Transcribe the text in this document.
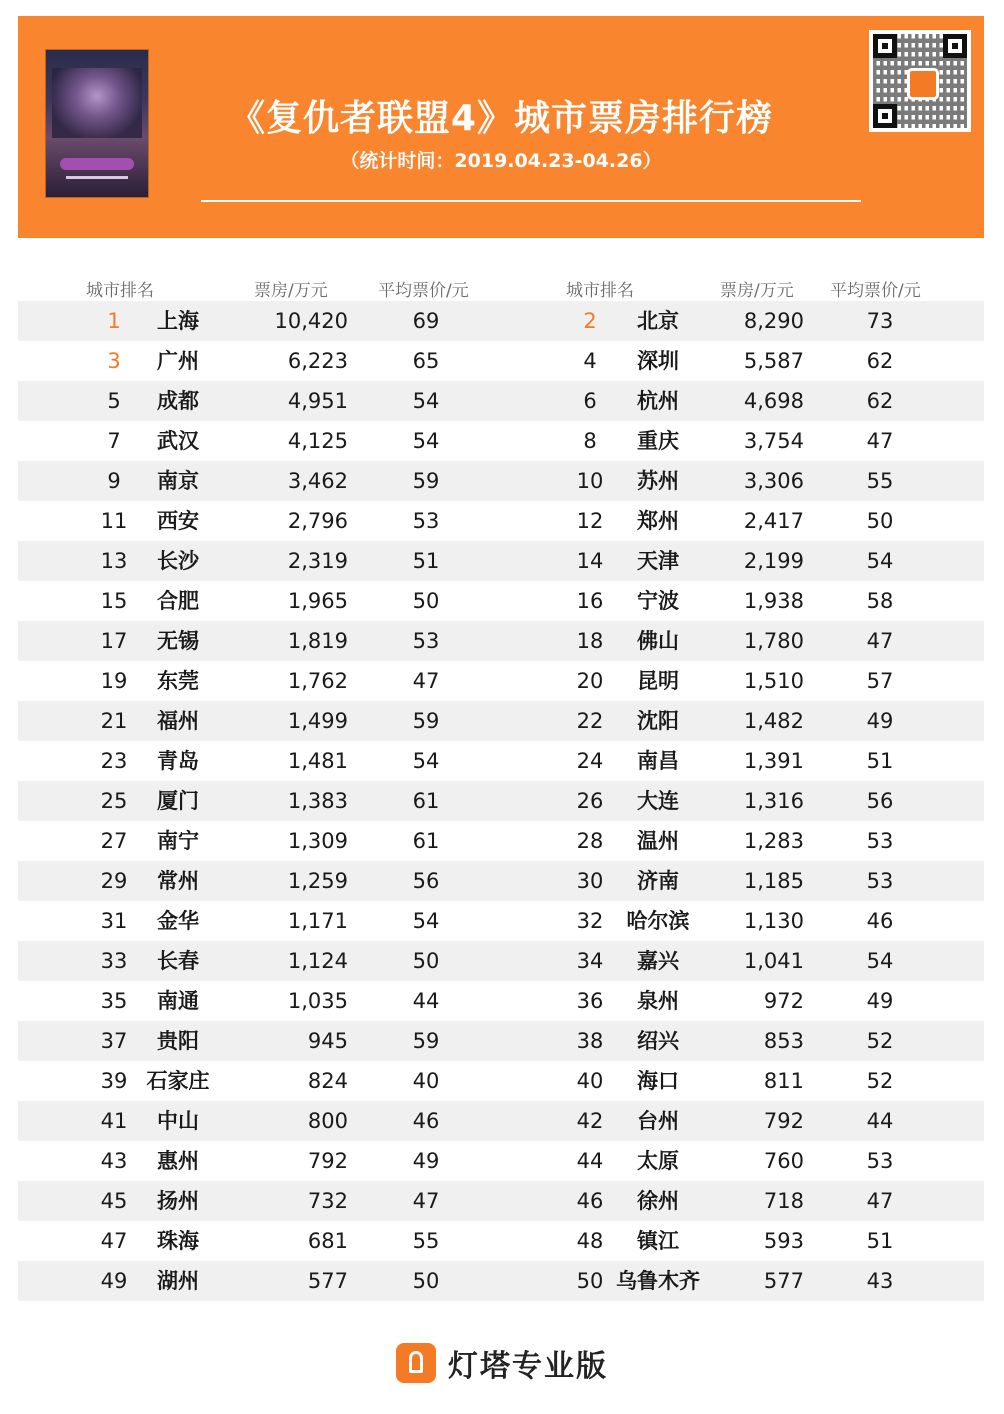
《复仇者联盟4》城市票房排行榜
（统计时间：2019.04.23-04.26）
城市排名	票房/万元	平均票价/元	城市排名	票房/万元 平均票价/元
1	上海	10,420	69	2	北京	8,290	73
3	广州	6,223	65	4	深圳	5,587	62
5	成都	4,951	54	6	杭州	4,698	62
7	武汉	4,125	54	8	重庆	3,754	47
9	南京	3,462	59	10	苏州	3,306	55
11	西安	2,796	53	12	郑州	2,417	50
13	长沙	2,319	51	14	天津	2,199	54
15	合肥	1,965	50	16	宁波	1,938	58
17	无锡	1,819	53	18	佛山	1,780	47
19	东莞	1,762	47	20	昆明	1,510	57
21	福州	1,499	59	22	沈阳	1,482	49
23	青岛	1,481	54	24	南昌	1,391	51
25	厦门	1,383	61	26	大连	1,316	56
27	南宁	1,309	61	28	温州	1,283	53
29	常州	1,259	56	30	济南	1,185	53
31	金华	1,171	54	32	哈尔滨	1,130	46
33	长春	1,124	50	34	嘉兴	1,041	54
35	南通	1,035	44	36	泉州	972	49
37	贵阳	945	59	38	绍兴	853	52
39 石家庄	824	40	40	海口	811	52
41	中山	800	46	42	台州	792	44
43	惠州	792	49	44	太原	760	53
45	扬州	732	47	46	徐州	718	47
47	珠海	681	55	48	镇江	593	51
49	湖州	577	50	50 乌鲁木齐	577	43
灯塔专业版
